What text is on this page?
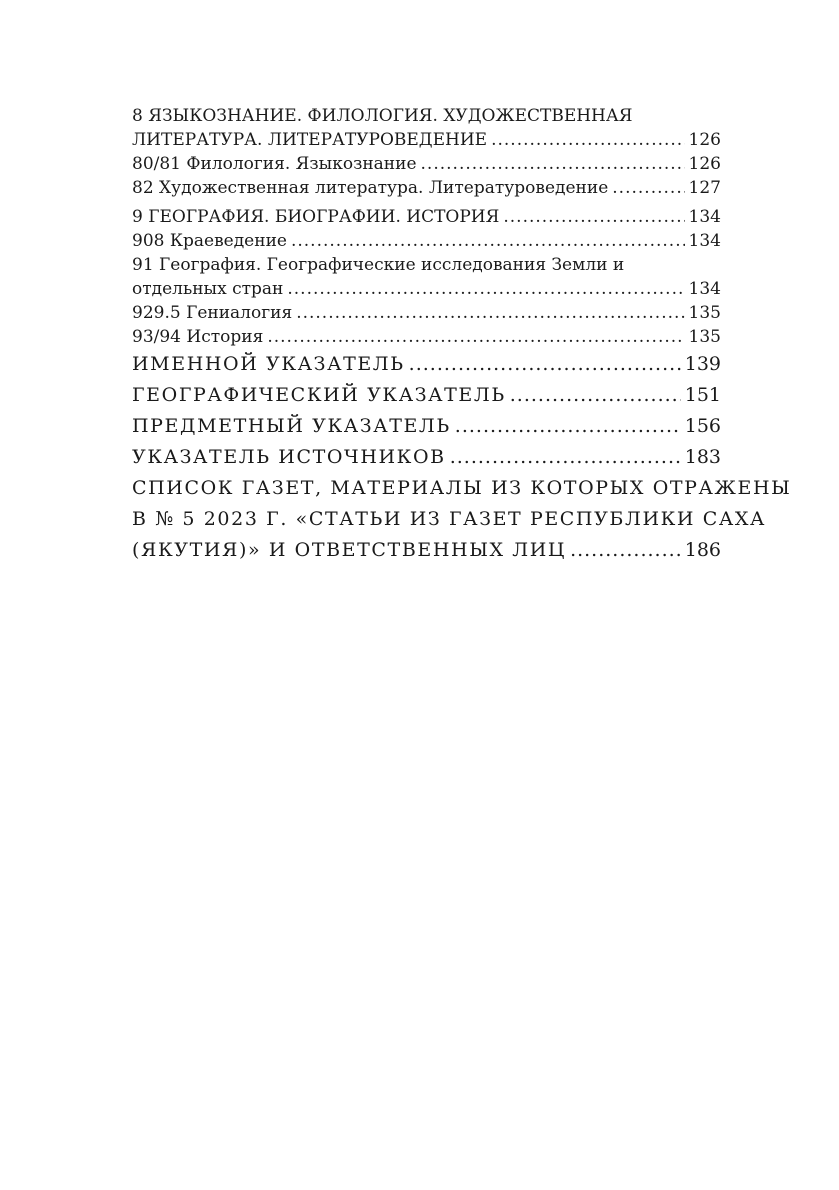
8 ЯЗЫКОЗНАНИЕ. ФИЛОЛОГИЯ. ХУДОЖЕСТВЕННАЯ
ЛИТЕРАТУРА. ЛИТЕРАТУРОВЕДЕНИЕ .....	126
80/81 Филология. Языкознание .....	126
82 Художественная литература. Литературоведение .....	127
9 ГЕОГРАФИЯ. БИОГРАФИИ. ИСТОРИЯ .....	134
908 Краеведение .....	134
91 География. Географические исследования Земли и
отдельных стран .....	134
929.5 Гениалогия .....	135
93/94 История .....	135
ИМЕННОЙ УКАЗАТЕЛЬ .....	139
ГЕОГРАФИЧЕСКИЙ УКАЗАТЕЛЬ .....	151
ПРЕДМЕТНЫЙ УКАЗАТЕЛЬ .....	156
УКАЗАТЕЛЬ ИСТОЧНИКОВ .....	183
СПИСОК ГАЗЕТ, МАТЕРИАЛЫ ИЗ КОТОРЫХ ОТРАЖЕНЫ
В № 5 2023 Г. «СТАТЬИ ИЗ ГАЗЕТ РЕСПУБЛИКИ САХА
(ЯКУТИЯ)» И ОТВЕТСТВЕННЫХ ЛИЦ .....	186
